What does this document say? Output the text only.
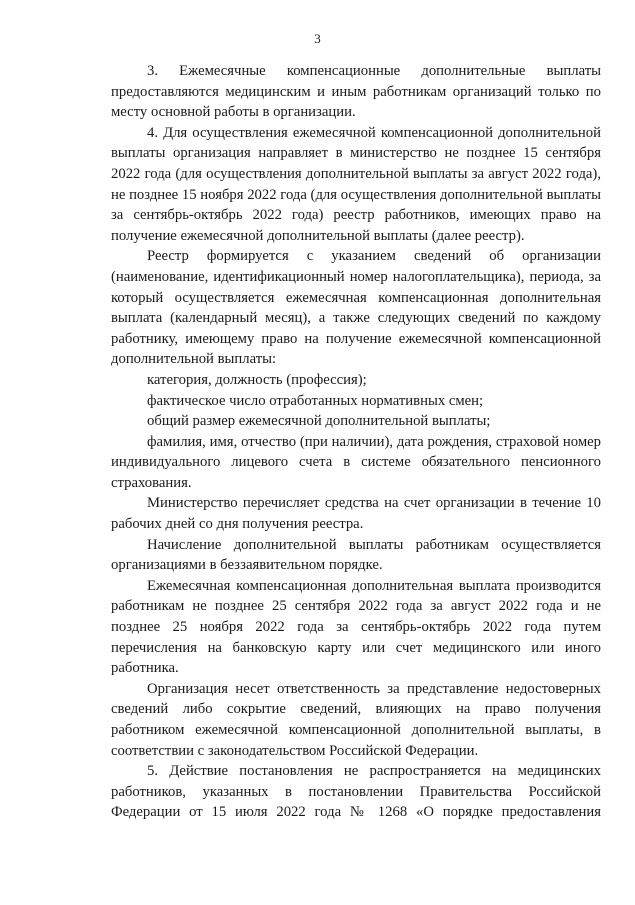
3

3. Ежемесячные компенсационные дополнительные выплаты предоставляются медицинским и иным работникам организаций только по месту основной работы в организации.

4. Для осуществления ежемесячной компенсационной дополнительной выплаты организация направляет в министерство не позднее 15 сентября 2022 года (для осуществления дополнительной выплаты за август 2022 года), не позднее 15 ноября 2022 года (для осуществления дополнительной выплаты за сентябрь-октябрь 2022 года) реестр работников, имеющих право на получение ежемесячной дополнительной выплаты (далее реестр).

Реестр формируется с указанием сведений об организации (наименование, идентификационный номер налогоплательщика), периода, за который осуществляется ежемесячная компенсационная дополнительная выплата (календарный месяц), а также следующих сведений по каждому работнику, имеющему право на получение ежемесячной компенсационной дополнительной выплаты:

категория, должность (профессия);

фактическое число отработанных нормативных смен;

общий размер ежемесячной дополнительной выплаты;

фамилия, имя, отчество (при наличии), дата рождения, страховой номер индивидуального лицевого счета в системе обязательного пенсионного страхования.

Министерство перечисляет средства на счет организации в течение 10 рабочих дней со дня получения реестра.

Начисление дополнительной выплаты работникам осуществляется организациями в беззаявительном порядке.

Ежемесячная компенсационная дополнительная выплата производится работникам не позднее 25 сентября 2022 года за август 2022 года и не позднее 25 ноября 2022 года за сентябрь-октябрь 2022 года путем перечисления на банковскую карту или счет медицинского или иного работника.

Организация несет ответственность за представление недостоверных сведений либо сокрытие сведений, влияющих на право получения работником ежемесячной компенсационной дополнительной выплаты, в соответствии с законодательством Российской Федерации.

5. Действие постановления не распространяется на медицинских работников, указанных в постановлении Правительства Российской Федерации от 15 июля 2022 года № 1268 «О порядке предоставления
